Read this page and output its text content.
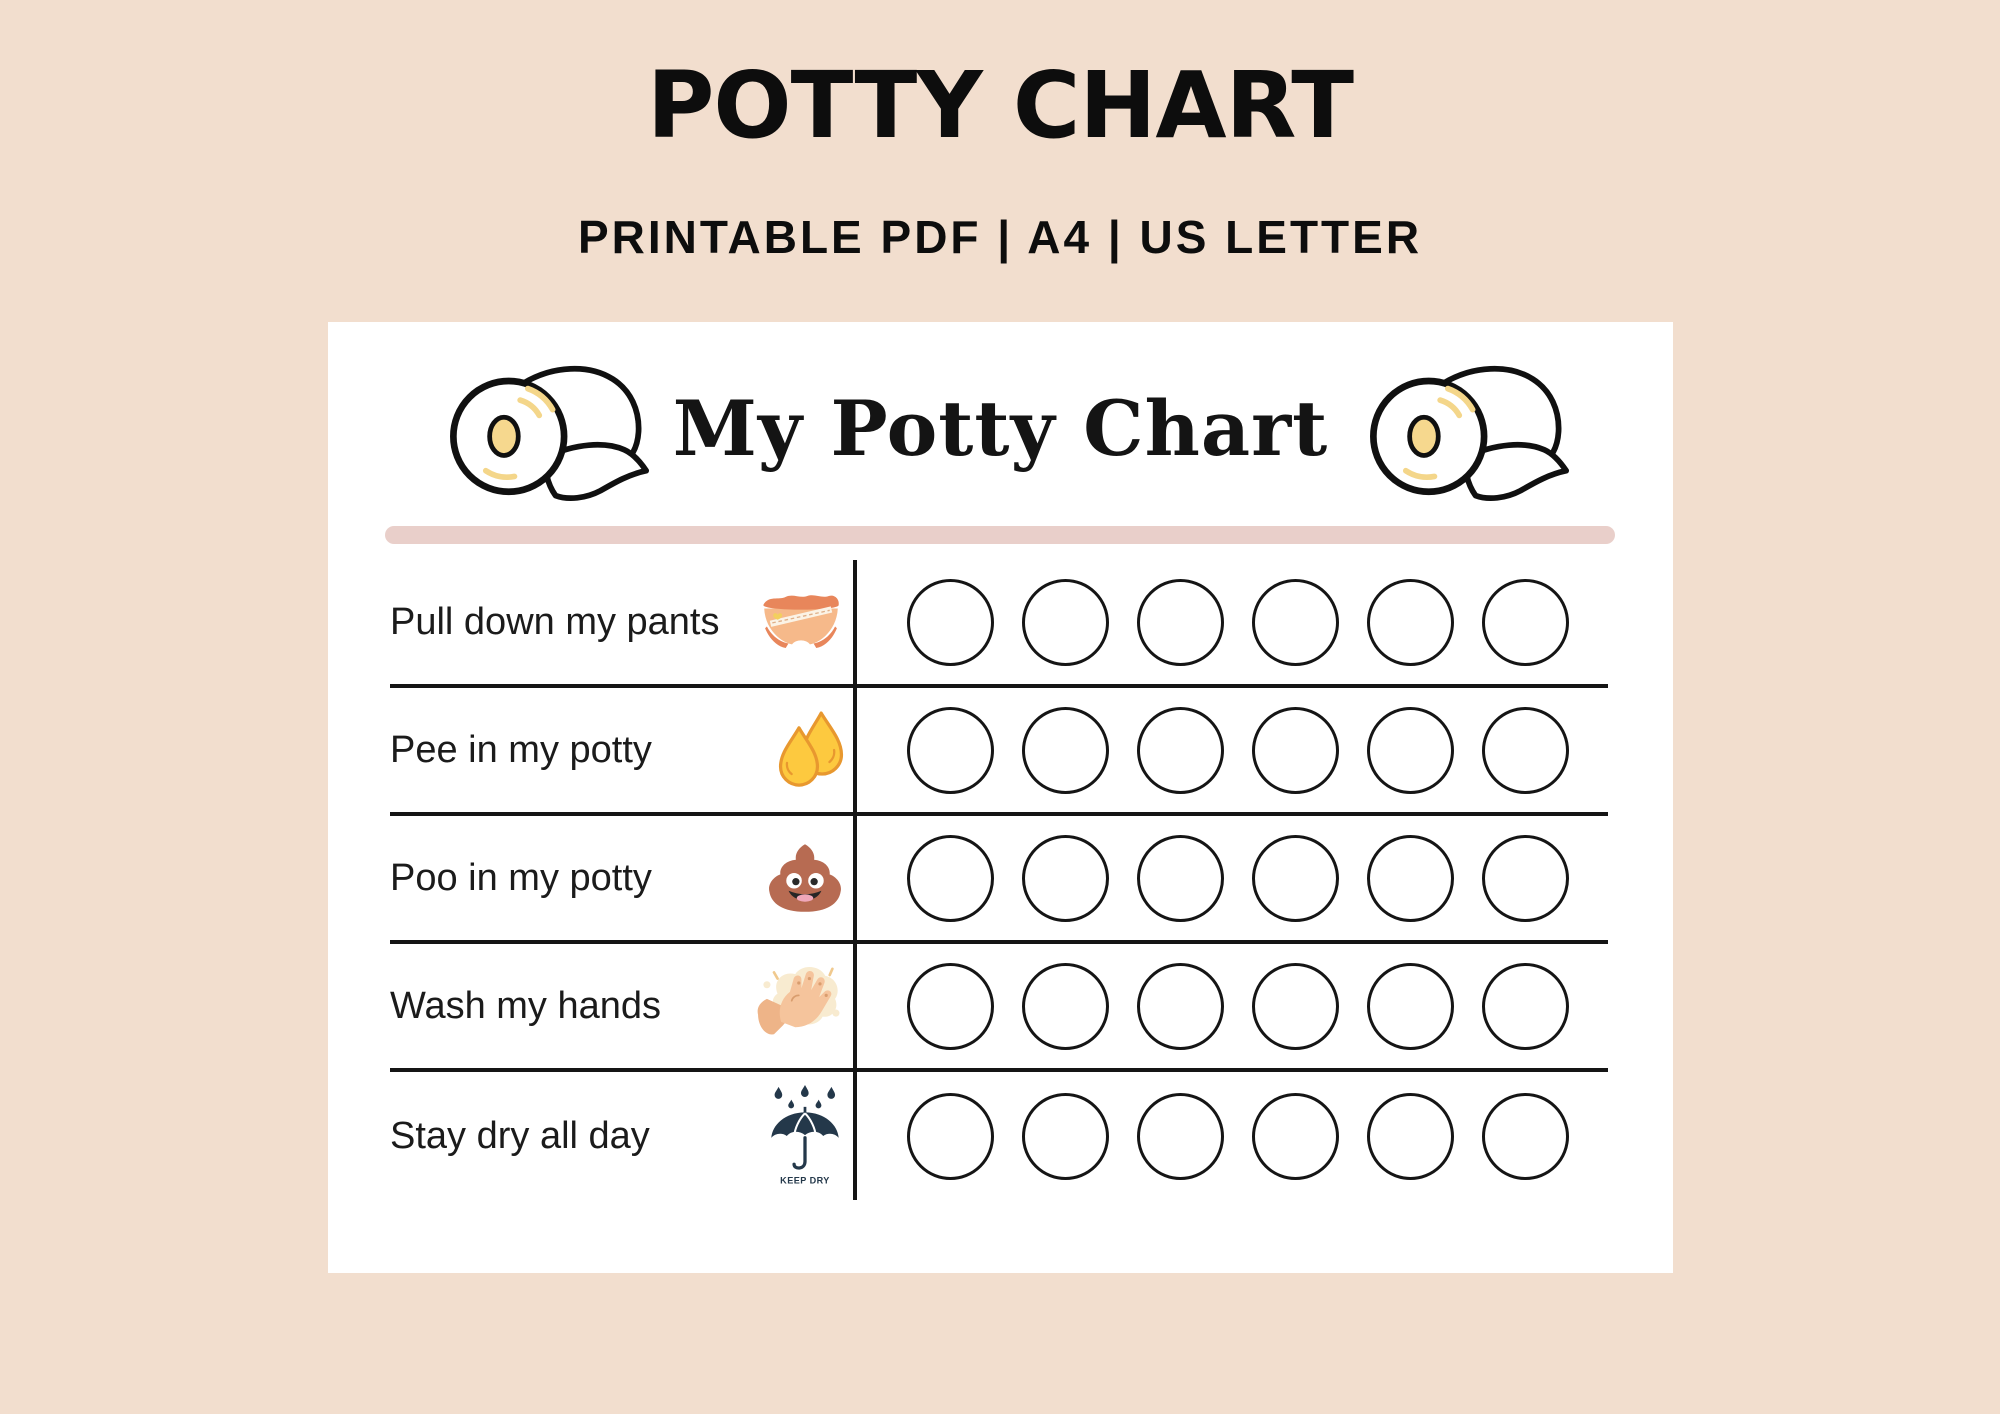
POTTY CHART
PRINTABLE PDF | A4 | US LETTER
My Potty Chart
Pull down my pants
Pee in my potty
Poo in my potty
Wash my hands
Stay dry all day
KEEP DRY
